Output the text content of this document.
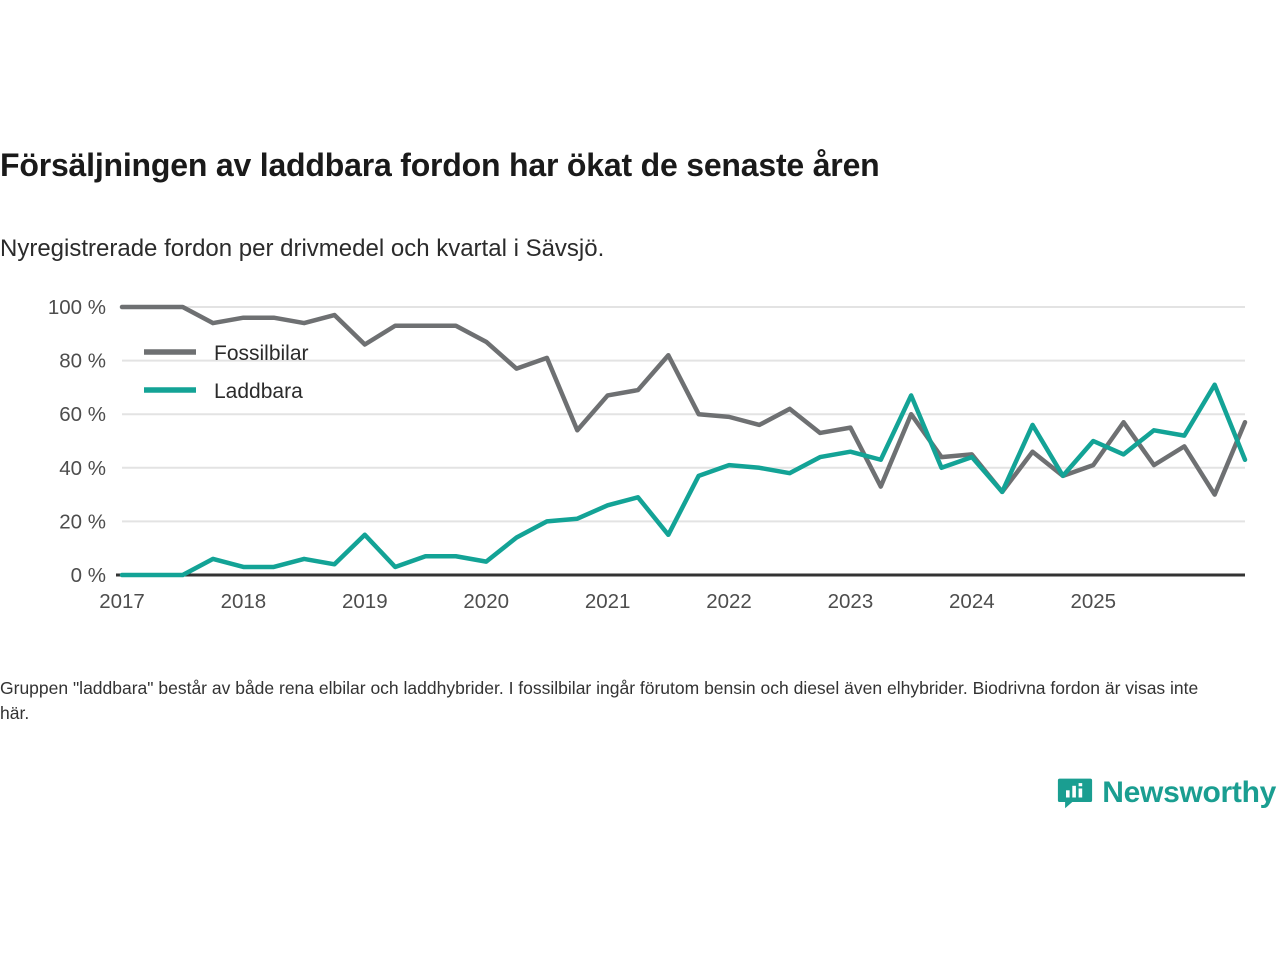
Försäljningen av laddbara fordon har ökat de senaste åren
Nyregistrerade fordon per drivmedel och kvartal i Sävsjö.
0 %
20 %
40 %
60 %
80 %
100 %
2017	2018	2019	2020	2021	2022	2023	2024	2025
Fossilbilar
Laddbara
Gruppen "laddbara" består av både rena elbilar och laddhybrider. I fossilbilar ingår förutom bensin och diesel även elhybrider. Biodrivna fordon är visas inte här.
Newsworthy
